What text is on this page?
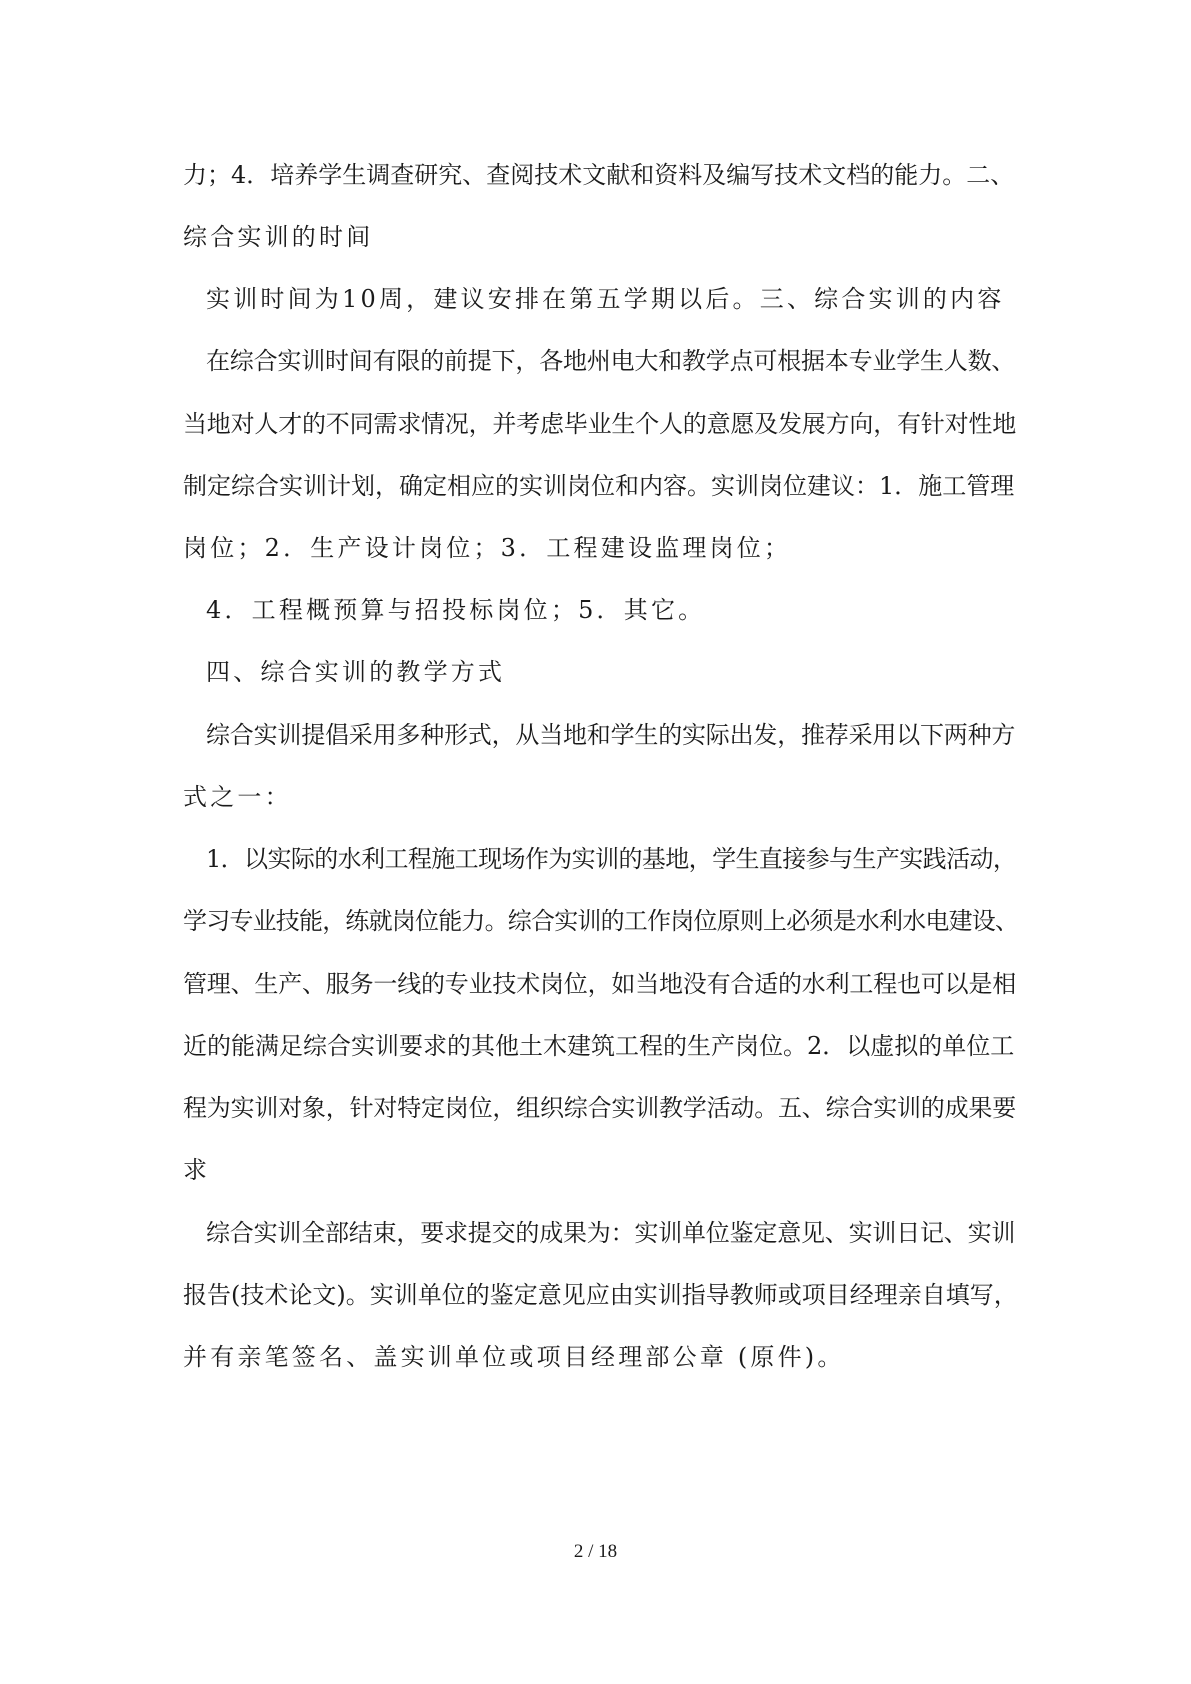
力；4．培养学生调查研究、查阅技术文献和资料及编写技术文档的能力。二、
综合实训的时间
实训时间为10周，建议安排在第五学期以后。三、综合实训的内容
在综合实训时间有限的前提下，各地州电大和教学点可根据本专业学生人数、
当地对人才的不同需求情况，并考虑毕业生个人的意愿及发展方向，有针对性地
制定综合实训计划，确定相应的实训岗位和内容。实训岗位建议：1．施工管理
岗位；2．生产设计岗位；3．工程建设监理岗位；
4．工程概预算与招投标岗位；5．其它。
四、综合实训的教学方式
综合实训提倡采用多种形式，从当地和学生的实际出发，推荐采用以下两种方
式之一：
1．以实际的水利工程施工现场作为实训的基地，学生直接参与生产实践活动，
学习专业技能，练就岗位能力。综合实训的工作岗位原则上必须是水利水电建设、
管理、生产、服务一线的专业技术岗位，如当地没有合适的水利工程也可以是相
近的能满足综合实训要求的其他土木建筑工程的生产岗位。2．以虚拟的单位工
程为实训对象，针对特定岗位，组织综合实训教学活动。五、综合实训的成果要
求
综合实训全部结束，要求提交的成果为：实训单位鉴定意见、实训日记、实训
报告(技术论文)。实训单位的鉴定意见应由实训指导教师或项目经理亲自填写，
并有亲笔签名、盖实训单位或项目经理部公章 (原件)。
2 / 18
